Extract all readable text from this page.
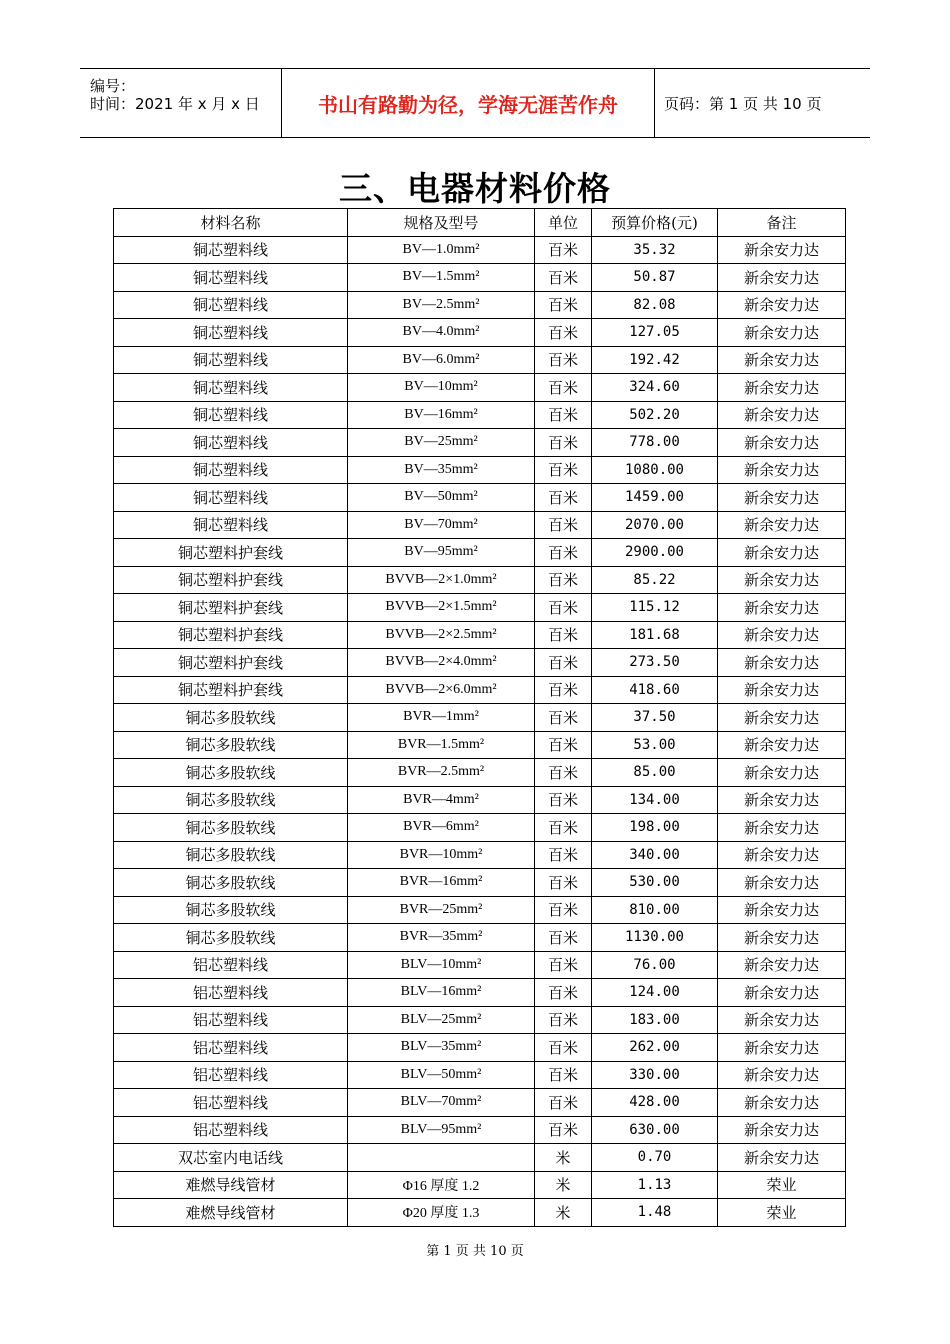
编号：
时间：2021 年 x 月 x 日	书山有路勤为径，学海无涯苦作舟	页码：第 1 页 共 10 页
三、电器材料价格
材料名称	规格及型号	单位	预算价格(元)	备注
铜芯塑料线	BV—1.0mm²	百米	35.32	新余安力达
铜芯塑料线	BV—1.5mm²	百米	50.87	新余安力达
铜芯塑料线	BV—2.5mm²	百米	82.08	新余安力达
铜芯塑料线	BV—4.0mm²	百米	127.05	新余安力达
铜芯塑料线	BV—6.0mm²	百米	192.42	新余安力达
铜芯塑料线	BV—10mm²	百米	324.60	新余安力达
铜芯塑料线	BV—16mm²	百米	502.20	新余安力达
铜芯塑料线	BV—25mm²	百米	778.00	新余安力达
铜芯塑料线	BV—35mm²	百米	1080.00	新余安力达
铜芯塑料线	BV—50mm²	百米	1459.00	新余安力达
铜芯塑料线	BV—70mm²	百米	2070.00	新余安力达
铜芯塑料护套线	BV—95mm²	百米	2900.00	新余安力达
铜芯塑料护套线	BVVB—2×1.0mm²	百米	85.22	新余安力达
铜芯塑料护套线	BVVB—2×1.5mm²	百米	115.12	新余安力达
铜芯塑料护套线	BVVB—2×2.5mm²	百米	181.68	新余安力达
铜芯塑料护套线	BVVB—2×4.0mm²	百米	273.50	新余安力达
铜芯塑料护套线	BVVB—2×6.0mm²	百米	418.60	新余安力达
铜芯多股软线	BVR—1mm²	百米	37.50	新余安力达
铜芯多股软线	BVR—1.5mm²	百米	53.00	新余安力达
铜芯多股软线	BVR—2.5mm²	百米	85.00	新余安力达
铜芯多股软线	BVR—4mm²	百米	134.00	新余安力达
铜芯多股软线	BVR—6mm²	百米	198.00	新余安力达
铜芯多股软线	BVR—10mm²	百米	340.00	新余安力达
铜芯多股软线	BVR—16mm²	百米	530.00	新余安力达
铜芯多股软线	BVR—25mm²	百米	810.00	新余安力达
铜芯多股软线	BVR—35mm²	百米	1130.00	新余安力达
铝芯塑料线	BLV—10mm²	百米	76.00	新余安力达
铝芯塑料线	BLV—16mm²	百米	124.00	新余安力达
铝芯塑料线	BLV—25mm²	百米	183.00	新余安力达
铝芯塑料线	BLV—35mm²	百米	262.00	新余安力达
铝芯塑料线	BLV—50mm²	百米	330.00	新余安力达
铝芯塑料线	BLV—70mm²	百米	428.00	新余安力达
铝芯塑料线	BLV—95mm²	百米	630.00	新余安力达
双芯室内电话线		米	0.70	新余安力达
难燃导线管材	Φ16 厚度 1.2	米	1.13	荣业
难燃导线管材	Φ20 厚度 1.3	米	1.48	荣业
第 1 页 共 10 页
